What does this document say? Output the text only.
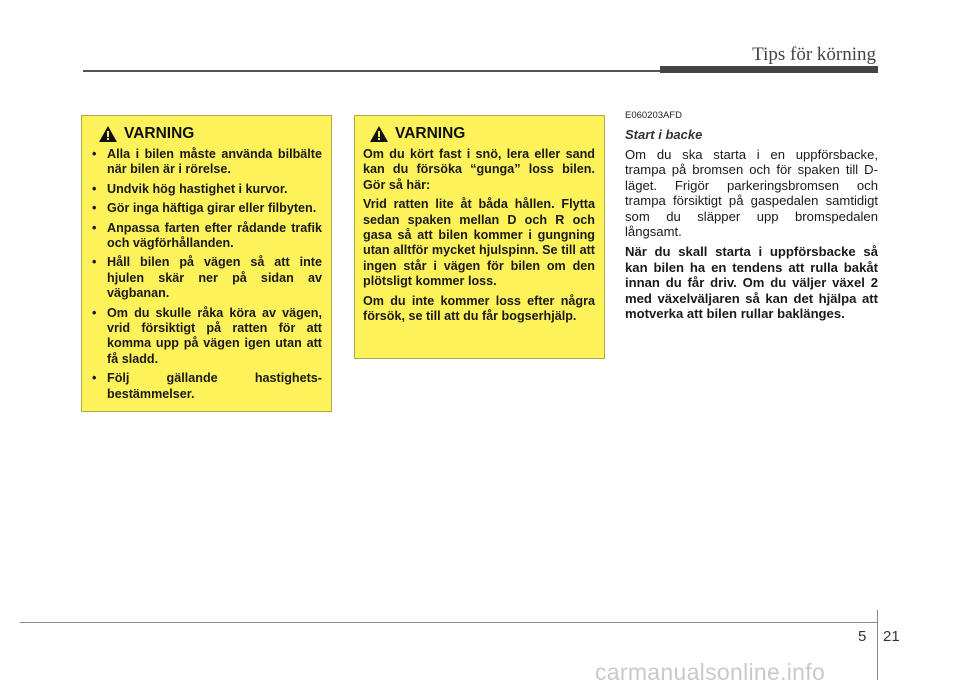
Tips för körning
VARNING
• Alla i bilen måste använda bilbälte när bilen är i rörelse.
• Undvik hög hastighet i kurvor.
• Gör inga häftiga girar eller filbyten.
• Anpassa farten efter rådande trafik och vägförhållanden.
• Håll bilen på vägen så att inte hjulen skär ner på sidan av vägbanan.
• Om du skulle råka köra av vägen, vrid försiktigt på ratten för att komma upp på vägen igen utan att få sladd.
• Följ gällande hastighets-bestämmelser.
VARNING

Om du kört fast i snö, lera eller sand kan du försöka “gunga” loss bilen. Gör så här:

Vrid ratten lite åt båda hållen. Flytta sedan spaken mellan D och R och gasa så att bilen kommer i gungning utan alltför mycket hjulspinn. Se till att ingen står i vägen för bilen om den plötsligt kommer loss.

Om du inte kommer loss efter några försök, se till att du får bogserhjälp.

E060203AFD
Start i backe

Om du ska starta i en uppförsbacke, trampa på bromsen och för spaken till D-läget. Frigör parkeringsbromsen och trampa försiktigt på gaspedalen samtidigt som du släpper upp bromspedalen långsamt.

När du skall starta i uppförsbacke så kan bilen ha en tendens att rulla bakåt innan du får driv. Om du väljer växel 2 med växelväljaren så kan det hjälpa att motverka att bilen rullar baklänges.

5 21
carmanualsonline.info
